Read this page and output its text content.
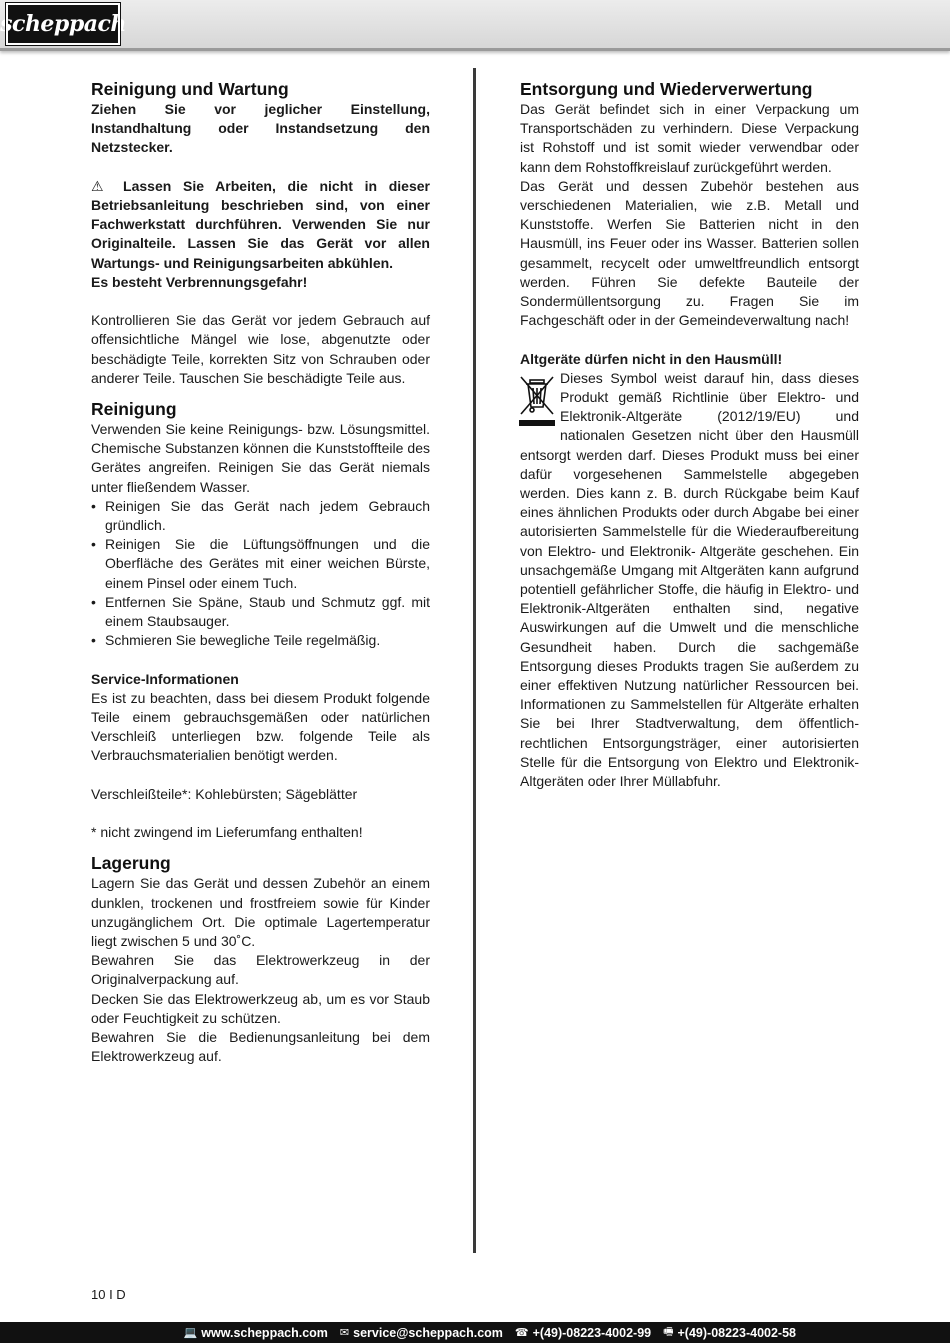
scheppach
Reinigung und Wartung

Ziehen Sie vor jeglicher Einstellung, Instandhaltung oder Instandsetzung den Netzstecker.

⚠ Lassen Sie Arbeiten, die nicht in dieser Betriebsanleitung beschrieben sind, von einer Fachwerkstatt durchführen. Verwenden Sie nur Originalteile. Lassen Sie das Gerät vor allen Wartungs- und Reinigungsarbeiten abkühlen.

Es besteht Verbrennungsgefahr!

Kontrollieren Sie das Gerät vor jedem Gebrauch auf offensichtliche Mängel wie lose, abgenutzte oder beschädigte Teile, korrekten Sitz von Schrauben oder anderer Teile. Tauschen Sie beschädigte Teile aus.

Reinigung

Verwenden Sie keine Reinigungs- bzw. Lösungsmittel. Chemische Substanzen können die Kunststoffteile des Gerätes angreifen. Reinigen Sie das Gerät niemals unter fließendem Wasser.

• Reinigen Sie das Gerät nach jedem Gebrauch gründlich.
• Reinigen Sie die Lüftungsöffnungen und die Oberfläche des Gerätes mit einer weichen Bürste, einem Pinsel oder einem Tuch.
• Entfernen Sie Späne, Staub und Schmutz ggf. mit einem Staubsauger.
• Schmieren Sie bewegliche Teile regelmäßig.

Service-Informationen

Es ist zu beachten, dass bei diesem Produkt folgende Teile einem gebrauchsgemäßen oder natürlichen Verschleiß unterliegen bzw. folgende Teile als Verbrauchsmaterialien benötigt werden.

Verschleißteile*: Kohlebürsten; Sägeblätter

* nicht zwingend im Lieferumfang enthalten!

Lagerung

Lagern Sie das Gerät und dessen Zubehör an einem dunklen, trockenen und frostfreiem sowie für Kinder unzugänglichem Ort. Die optimale Lagertemperatur liegt zwischen 5 und 30˚C.

Bewahren Sie das Elektrowerkzeug in der Originalverpackung auf.

Decken Sie das Elektrowerkzeug ab, um es vor Staub oder Feuchtigkeit zu schützen.

Bewahren Sie die Bedienungsanleitung bei dem Elektrowerkzeug auf.

Entsorgung und Wiederverwertung

Das Gerät befindet sich in einer Verpackung um Transportschäden zu verhindern. Diese Verpackung ist Rohstoff und ist somit wieder verwendbar oder kann dem Rohstoffkreislauf zurückgeführt werden.

Das Gerät und dessen Zubehör bestehen aus verschiedenen Materialien, wie z.B. Metall und Kunststoffe. Werfen Sie Batterien nicht in den Hausmüll, ins Feuer oder ins Wasser. Batterien sollen gesammelt, recycelt oder umweltfreundlich entsorgt werden. Führen Sie defekte Bauteile der Sondermüllentsorgung zu. Fragen Sie im Fachgeschäft oder in der Gemeindeverwaltung nach!

Altgeräte dürfen nicht in den Hausmüll!

Dieses Symbol weist darauf hin, dass dieses Produkt gemäß Richtlinie über Elektro- und Elektronik-Altgeräte (2012/19/EU) und nationalen Gesetzen nicht über den Hausmüll entsorgt werden darf. Dieses Produkt muss bei einer dafür vorgesehenen Sammelstelle abgegeben werden. Dies kann z. B. durch Rückgabe beim Kauf eines ähnlichen Produkts oder durch Abgabe bei einer autorisierten Sammelstelle für die Wiederaufbereitung von Elektro- und Elektronik- Altgeräte geschehen. Ein unsachgemäße Umgang mit Altgeräten kann aufgrund potentiell gefährlicher Stoffe, die häufig in Elektro- und Elektronik-Altgeräten enthalten sind, negative Auswirkungen auf die Umwelt und die menschliche Gesundheit haben. Durch die sachgemäße Entsorgung dieses Produkts tragen Sie außerdem zu einer effektiven Nutzung natürlicher Ressourcen bei. Informationen zu Sammelstellen für Altgeräte erhalten Sie bei Ihrer Stadtverwaltung, dem öffentlich-rechtlichen Entsorgungsträger, einer autorisierten Stelle für die Entsorgung von Elektro und Elektronik-Altgeräten oder Ihrer Müllabfuhr.

10 I D
💻 www.scheppach.com ✉ service@scheppach.com ☎ +(49)-08223-4002-99 🖷 +(49)-08223-4002-58
